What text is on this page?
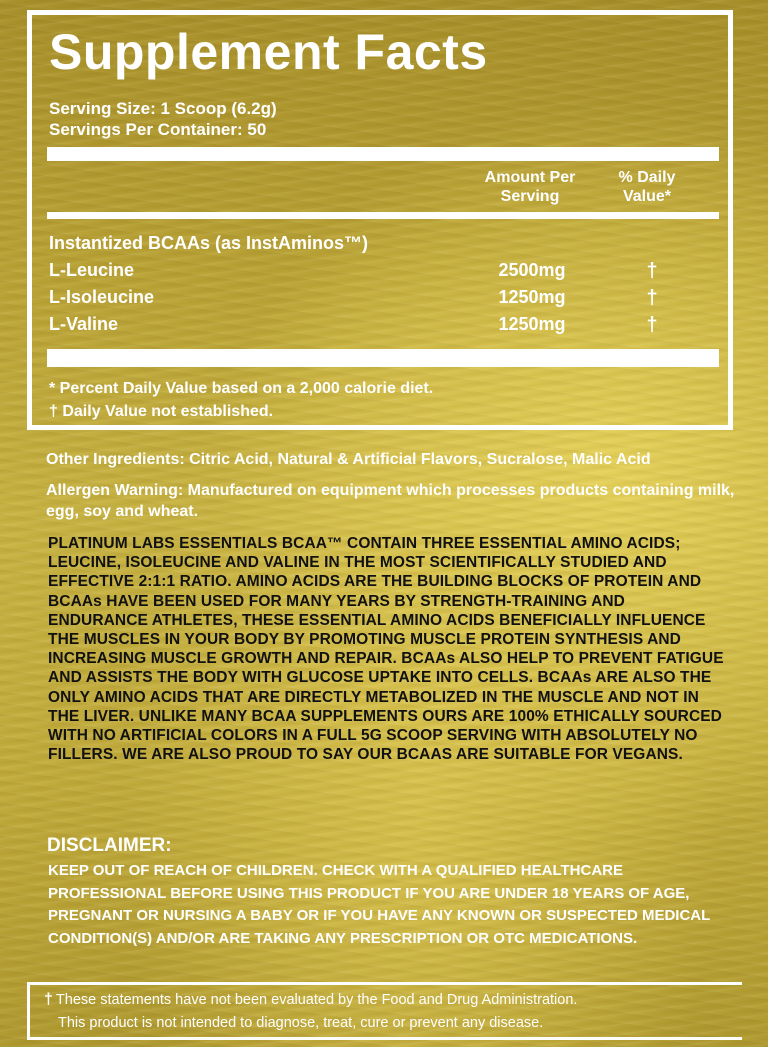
Supplement Facts
Serving Size: 1 Scoop (6.2g)
Servings Per Container: 50
Amount Per Serving
% Daily Value*
Instantized BCAAs (as InstAminos™)
L-Leucine	2500mg	†
L-Isoleucine	1250mg	†
L-Valine	1250mg	†
* Percent Daily Value based on a 2,000 calorie diet.
† Daily Value not established.
Other Ingredients: Citric Acid, Natural & Artificial Flavors, Sucralose, Malic Acid
Allergen Warning: Manufactured on equipment which processes products containing milk, egg, soy and wheat.

PLATINUM LABS ESSENTIALS BCAA™ CONTAIN THREE ESSENTIAL AMINO ACIDS; LEUCINE, ISOLEUCINE AND VALINE IN THE MOST SCIENTIFICALLY STUDIED AND EFFECTIVE 2:1:1 RATIO. AMINO ACIDS ARE THE BUILDING BLOCKS OF PROTEIN AND BCAAs HAVE BEEN USED FOR MANY YEARS BY STRENGTH-TRAINING AND ENDURANCE ATHLETES, THESE ESSENTIAL AMINO ACIDS BENEFICIALLY INFLUENCE THE MUSCLES IN YOUR BODY BY PROMOTING MUSCLE PROTEIN SYNTHESIS AND INCREASING MUSCLE GROWTH AND REPAIR. BCAAs ALSO HELP TO PREVENT FATIGUE AND ASSISTS THE BODY WITH GLUCOSE UPTAKE INTO CELLS. BCAAs ARE ALSO THE ONLY AMINO ACIDS THAT ARE DIRECTLY METABOLIZED IN THE MUSCLE AND NOT IN THE LIVER. UNLIKE MANY BCAA SUPPLEMENTS OURS ARE 100% ETHICALLY SOURCED WITH NO ARTIFICIAL COLORS IN A FULL 5G SCOOP SERVING WITH ABSOLUTELY NO FILLERS. WE ARE ALSO PROUD TO SAY OUR BCAAS ARE SUITABLE FOR VEGANS.

DISCLAIMER:

KEEP OUT OF REACH OF CHILDREN. CHECK WITH A QUALIFIED HEALTHCARE PROFESSIONAL BEFORE USING THIS PRODUCT IF YOU ARE UNDER 18 YEARS OF AGE, PREGNANT OR NURSING A BABY OR IF YOU HAVE ANY KNOWN OR SUSPECTED MEDICAL CONDITION(S) AND/OR ARE TAKING ANY PRESCRIPTION OR OTC MEDICATIONS.

† These statements have not been evaluated by the Food and Drug Administration.
This product is not intended to diagnose, treat, cure or prevent any disease.
